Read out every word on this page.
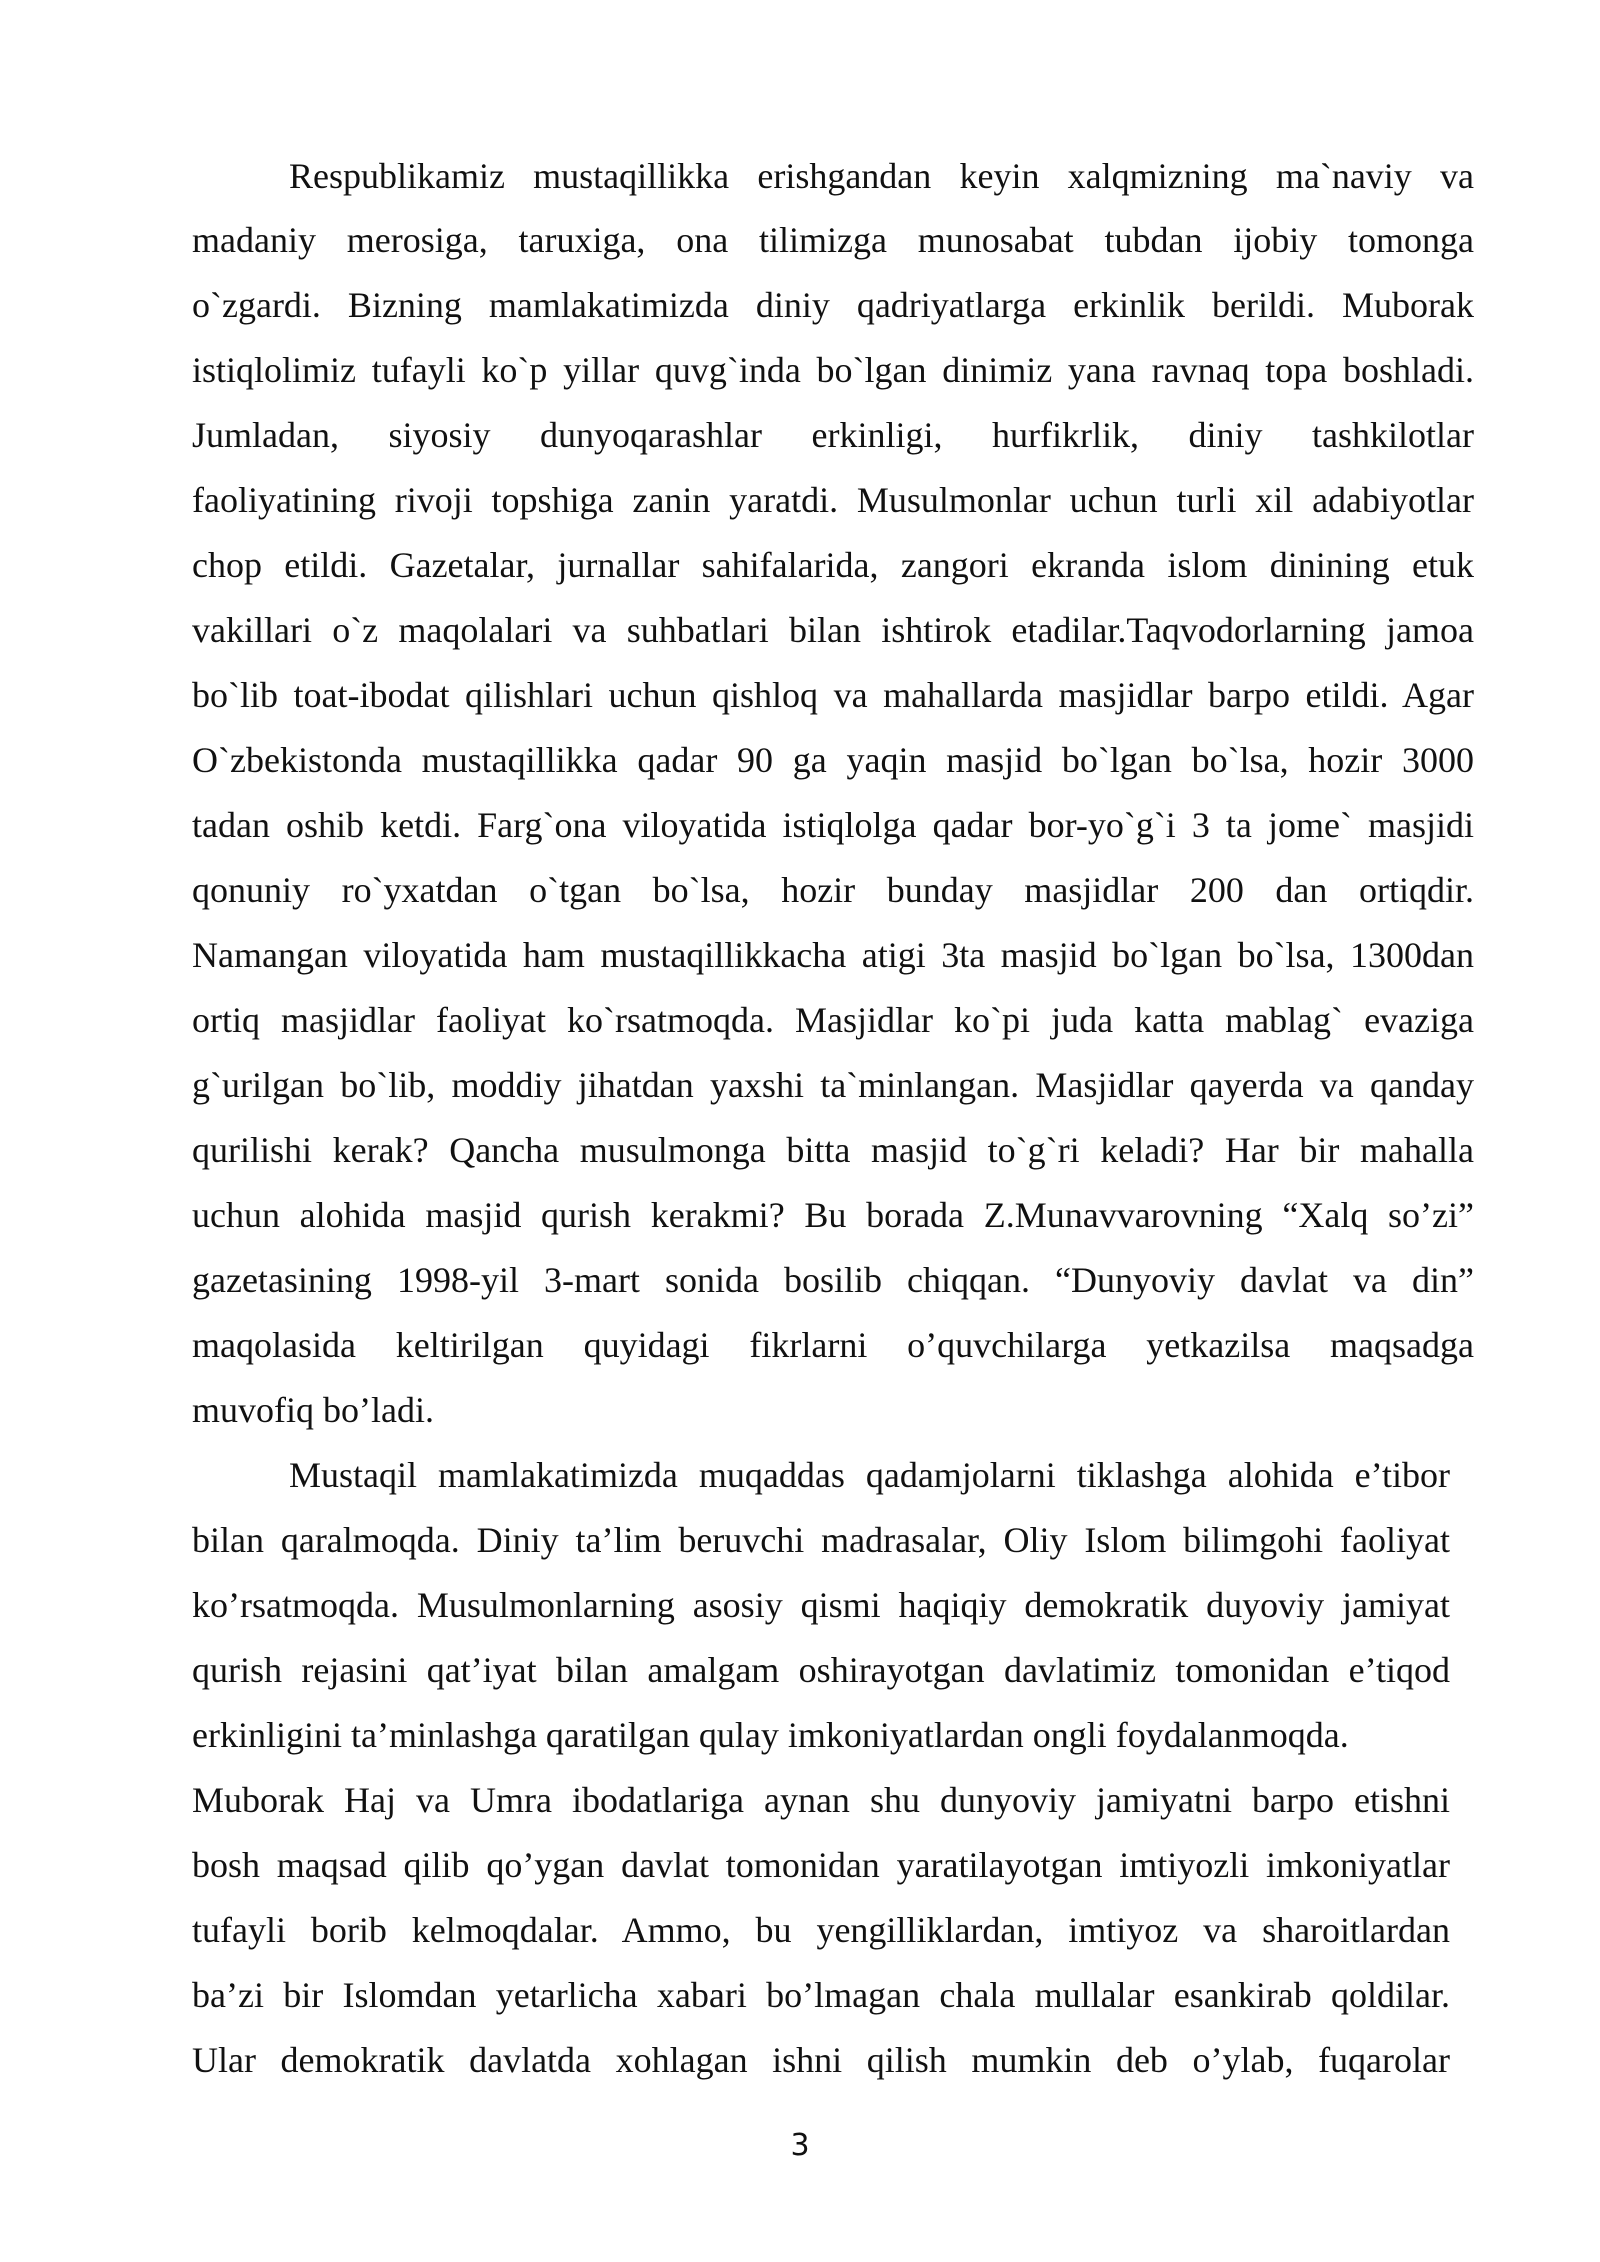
Respublikamiz mustaqillikka erishgandan keyin xalqmizning ma`naviy va
madaniy merosiga, taruxiga, ona tilimizga munosabat tubdan ijobiy tomonga
o`zgardi. Bizning mamlakatimizda diniy qadriyatlarga erkinlik berildi. Muborak
istiqlolimiz tufayli ko`p yillar quvg`inda bo`lgan dinimiz yana ravnaq topa boshladi.
Jumladan, siyosiy dunyoqarashlar erkinligi, hurfikrlik, diniy tashkilotlar
faoliyatining rivoji topshiga zanin yaratdi. Musulmonlar uchun turli xil adabiyotlar
chop etildi. Gazetalar, jurnallar sahifalarida, zangori ekranda islom dinining etuk
vakillari o`z maqolalari va suhbatlari bilan ishtirok etadilar.Taqvodorlarning jamoa
bo`lib toat-ibodat qilishlari uchun qishloq va mahallarda masjidlar barpo etildi. Agar
O`zbekistonda mustaqillikka qadar 90 ga yaqin masjid bo`lgan bo`lsa, hozir 3000
tadan oshib ketdi. Farg`ona viloyatida istiqlolga qadar bor-yo`g`i 3 ta jome` masjidi
qonuniy ro`yxatdan o`tgan bo`lsa, hozir bunday masjidlar 200 dan ortiqdir.
Namangan viloyatida ham mustaqillikkacha atigi 3ta masjid bo`lgan bo`lsa, 1300dan
ortiq masjidlar faoliyat ko`rsatmoqda. Masjidlar ko`pi juda katta mablag` evaziga
g`urilgan bo`lib, moddiy jihatdan yaxshi ta`minlangan. Masjidlar qayerda va qanday
qurilishi kerak? Qancha musulmonga bitta masjid to`g`ri keladi? Har bir mahalla
uchun alohida masjid qurish kerakmi? Bu borada Z.Munavvarovning “Xalq so’zi”
gazetasining 1998-yil 3-mart sonida bosilib chiqqan. “Dunyoviy davlat va din”
maqolasida keltirilgan quyidagi fikrlarni o’quvchilarga yetkazilsa maqsadga
muvofiq bo’ladi.
Mustaqil mamlakatimizda muqaddas qadamjolarni tiklashga alohida e’tibor
bilan qaralmoqda. Diniy ta’lim beruvchi madrasalar, Oliy Islom bilimgohi faoliyat
ko’rsatmoqda. Musulmonlarning asosiy qismi haqiqiy demokratik duyoviy jamiyat
qurish rejasini qat’iyat bilan amalgam oshirayotgan davlatimiz tomonidan e’tiqod
erkinligini ta’minlashga qaratilgan qulay imkoniyatlardan ongli foydalanmoqda.
Muborak Haj va Umra ibodatlariga aynan shu dunyoviy jamiyatni barpo etishni
bosh maqsad qilib qo’ygan davlat tomonidan yaratilayotgan imtiyozli imkoniyatlar
tufayli borib kelmoqdalar. Ammo, bu yengilliklardan, imtiyoz va sharoitlardan
ba’zi bir Islomdan yetarlicha xabari bo’lmagan chala mullalar esankirab qoldilar.
Ular demokratik davlatda xohlagan ishni qilish mumkin deb o’ylab, fuqarolar
3
